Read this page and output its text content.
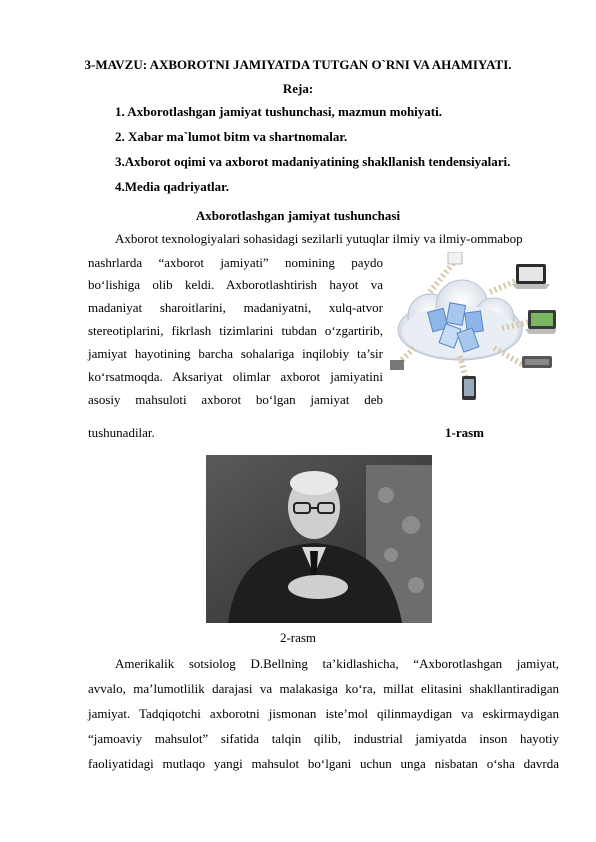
3-MAVZU: AXBOROTNI JAMIYATDA TUTGAN O`RNI VA AHAMIYATI.
Reja:
1. Axborotlashgan jamiyat tushunchasi, mazmun mohiyati.
2. Xabar ma`lumot bitm va shartnomalar.
3.Axborot oqimi va axborot madaniyatining shakllanish tendensiyalari.
4.Media qadriyatlar.
Axborotlashgan jamiyat tushunchasi
Axborot texnologiyalari sohasidagi sezilarli yutuqlar ilmiy va ilmiy-ommabop
nashrlarda “axborot jamiyati” nomining paydo
bo‘lishiga olib keldi. Axborotlashtirish hayot va
madaniyat sharoitlarini, madaniyatni, xulq-atvor
stereotiplarini, fikrlash tizimlarini tubdan o‘zgartirib,
jamiyat hayotining barcha sohalariga inqilobiy ta’sir
ko‘rsatmoqda. Aksariyat olimlar axborot jamiyatini
asosiy mahsuloti axborot bo‘lgan jamiyat deb
tushunadilar.	1-rasm
2-rasm
Amerikalik sotsiolog D.Bellning ta’kidlashicha, “Axborotlashgan jamiyat,
avvalo, ma’lumotlilik darajasi va malakasiga ko‘ra, millat elitasini shakllantiradigan
jamiyat. Tadqiqotchi axborotni jismonan iste’mol qilinmaydigan va eskirmaydigan
“jamoaviy mahsulot” sifatida talqin qilib, industrial jamiyatda inson hayotiy
faoliyatidagi mutlaqo yangi mahsulot bo‘lgani uchun unga nisbatan o‘sha davrda
